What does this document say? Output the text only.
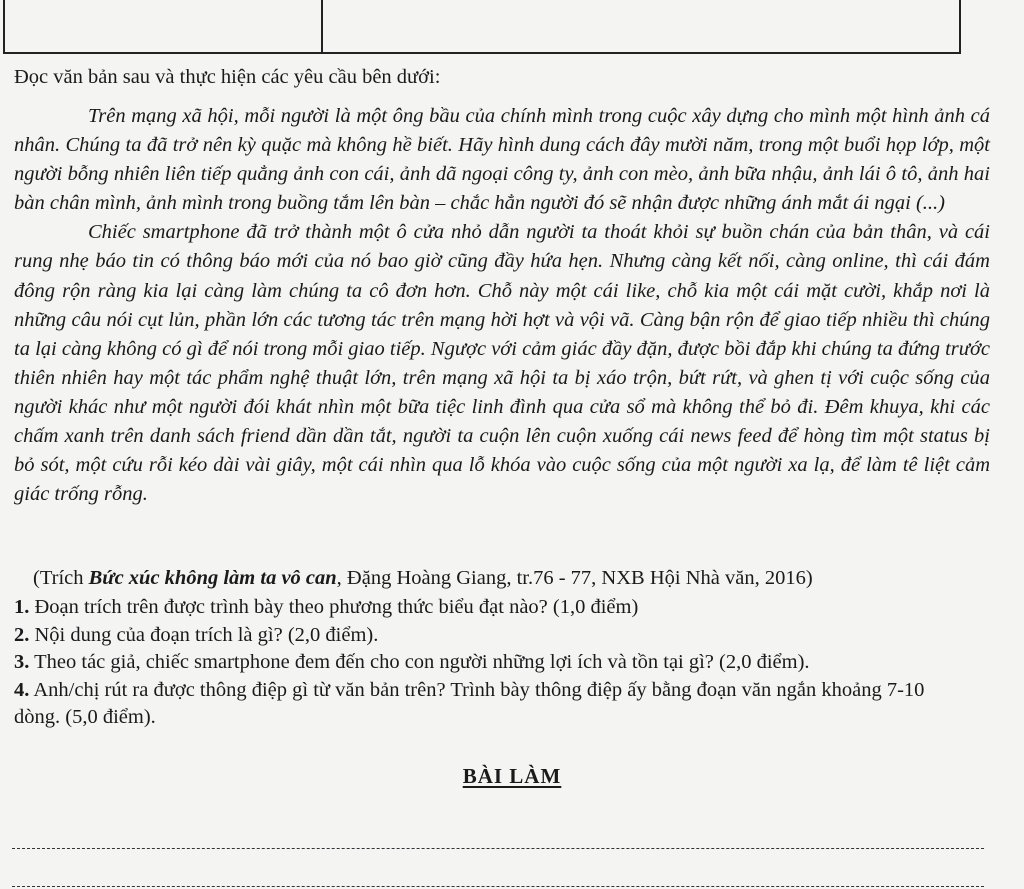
Đọc văn bản sau và thực hiện các yêu cầu bên dưới:

Trên mạng xã hội, mỗi người là một ông bầu của chính mình trong cuộc xây dựng cho mình một hình ảnh cá nhân. Chúng ta đã trở nên kỳ quặc mà không hề biết. Hãy hình dung cách đây mười năm, trong một buổi họp lớp, một người bỗng nhiên liên tiếp quẳng ảnh con cái, ảnh dã ngoại công ty, ảnh con mèo, ảnh bữa nhậu, ảnh lái ô tô, ảnh hai bàn chân mình, ảnh mình trong buồng tắm lên bàn – chắc hẳn người đó sẽ nhận được những ánh mắt ái ngại (...)

Chiếc smartphone đã trở thành một ô cửa nhỏ dẫn người ta thoát khỏi sự buồn chán của bản thân, và cái rung nhẹ báo tin có thông báo mới của nó bao giờ cũng đầy hứa hẹn. Nhưng càng kết nối, càng online, thì cái đám đông rộn ràng kia lại càng làm chúng ta cô đơn hơn. Chỗ này một cái like, chỗ kia một cái mặt cười, khắp nơi là những câu nói cụt lủn, phần lớn các tương tác trên mạng hời hợt và vội vã. Càng bận rộn để giao tiếp nhiều thì chúng ta lại càng không có gì để nói trong mỗi giao tiếp. Ngược với cảm giác đầy đặn, được bồi đắp khi chúng ta đứng trước thiên nhiên hay một tác phẩm nghệ thuật lớn, trên mạng xã hội ta bị xáo trộn, bứt rứt, và ghen tị với cuộc sống của người khác như một người đói khát nhìn một bữa tiệc linh đình qua cửa sổ mà không thể bỏ đi. Đêm khuya, khi các chấm xanh trên danh sách friend dần dần tắt, người ta cuộn lên cuộn xuống cái news feed để hòng tìm một status bị bỏ sót, một cứu rỗi kéo dài vài giây, một cái nhìn qua lỗ khóa vào cuộc sống của một người xa lạ, để làm tê liệt cảm giác trống rỗng.

(Trích Bức xúc không làm ta vô can, Đặng Hoàng Giang, tr.76 - 77, NXB Hội Nhà văn, 2016)

1. Đoạn trích trên được trình bày theo phương thức biểu đạt nào? (1,0 điểm)

2. Nội dung của đoạn trích là gì? (2,0 điểm).

3. Theo tác giả, chiếc smartphone đem đến cho con người những lợi ích và tồn tại gì? (2,0 điểm).

4. Anh/chị rút ra được thông điệp gì từ văn bản trên? Trình bày thông điệp ấy bằng đoạn văn ngắn khoảng 7-10 dòng. (5,0 điểm).

BÀI LÀM
